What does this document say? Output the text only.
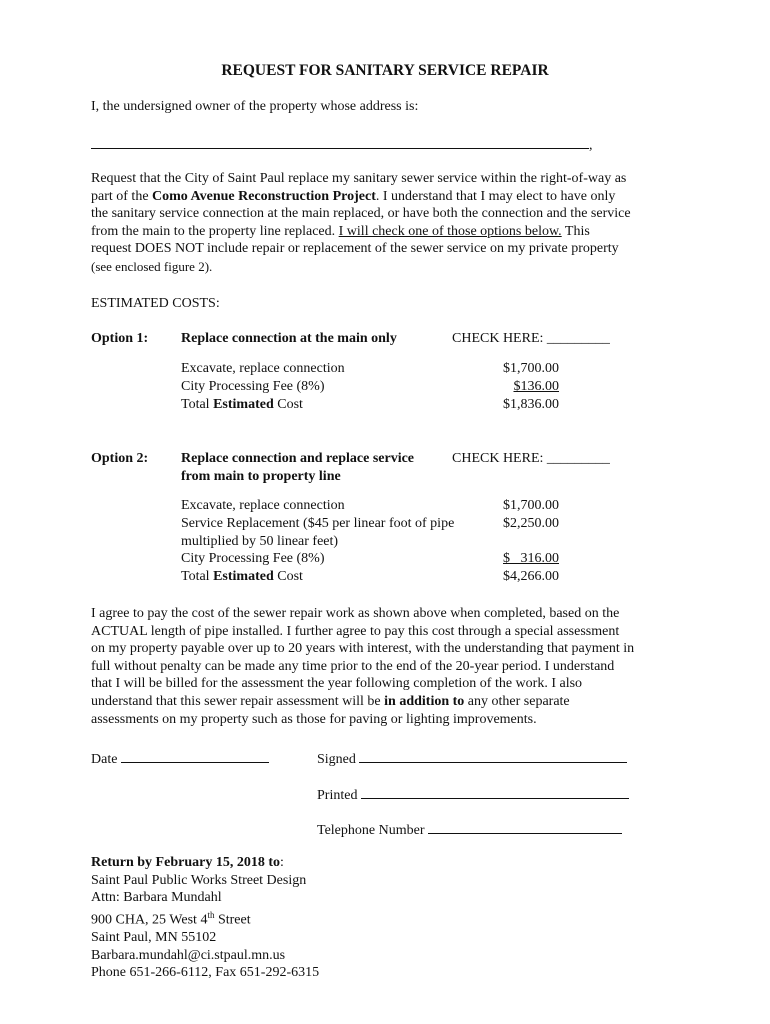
REQUEST FOR SANITARY SERVICE REPAIR
I, the undersigned owner of the property whose address is:
,

Request that the City of Saint Paul replace my sanitary sewer service within the right-of-way as
part of the Como Avenue Reconstruction Project. I understand that I may elect to have only
the sanitary service connection at the main replaced, or have both the connection and the service
from the main to the property line replaced. I will check one of those options below. This
request DOES NOT include repair or replacement of the sewer service on my private property
(see enclosed figure 2).

ESTIMATED COSTS:
Option 1: Replace connection at the main only	CHECK HERE: _________
Excavate, replace connection	$1,700.00
City Processing Fee (8%)	$136.00
Total Estimated Cost	$1,836.00
Option 2: Replace connection and replace service
from main to property line
CHECK HERE: _________
Excavate, replace connection	$1,700.00
Service Replacement ($45 per linear foot of pipe
multiplied by 50 linear feet)
$2,250.00
City Processing Fee (8%)	$   316.00
Total Estimated Cost	$4,266.00

I agree to pay the cost of the sewer repair work as shown above when completed, based on the
ACTUAL length of pipe installed. I further agree to pay this cost through a special assessment
on my property payable over up to 20 years with interest, with the understanding that payment in
full without penalty can be made any time prior to the end of the 20-year period. I understand
that I will be billed for the assessment the year following completion of the work. I also
understand that this sewer repair assessment will be in addition to any other separate
assessments on my property such as those for paving or lighting improvements.

Date	Signed
Printed
Telephone Number

Return by February 15, 2018 to:
Saint Paul Public Works Street Design
Attn: Barbara Mundahl
900 CHA, 25 West 4th Street
Saint Paul, MN 55102
Barbara.mundahl@ci.stpaul.mn.us
Phone 651-266-6112, Fax 651-292-6315
